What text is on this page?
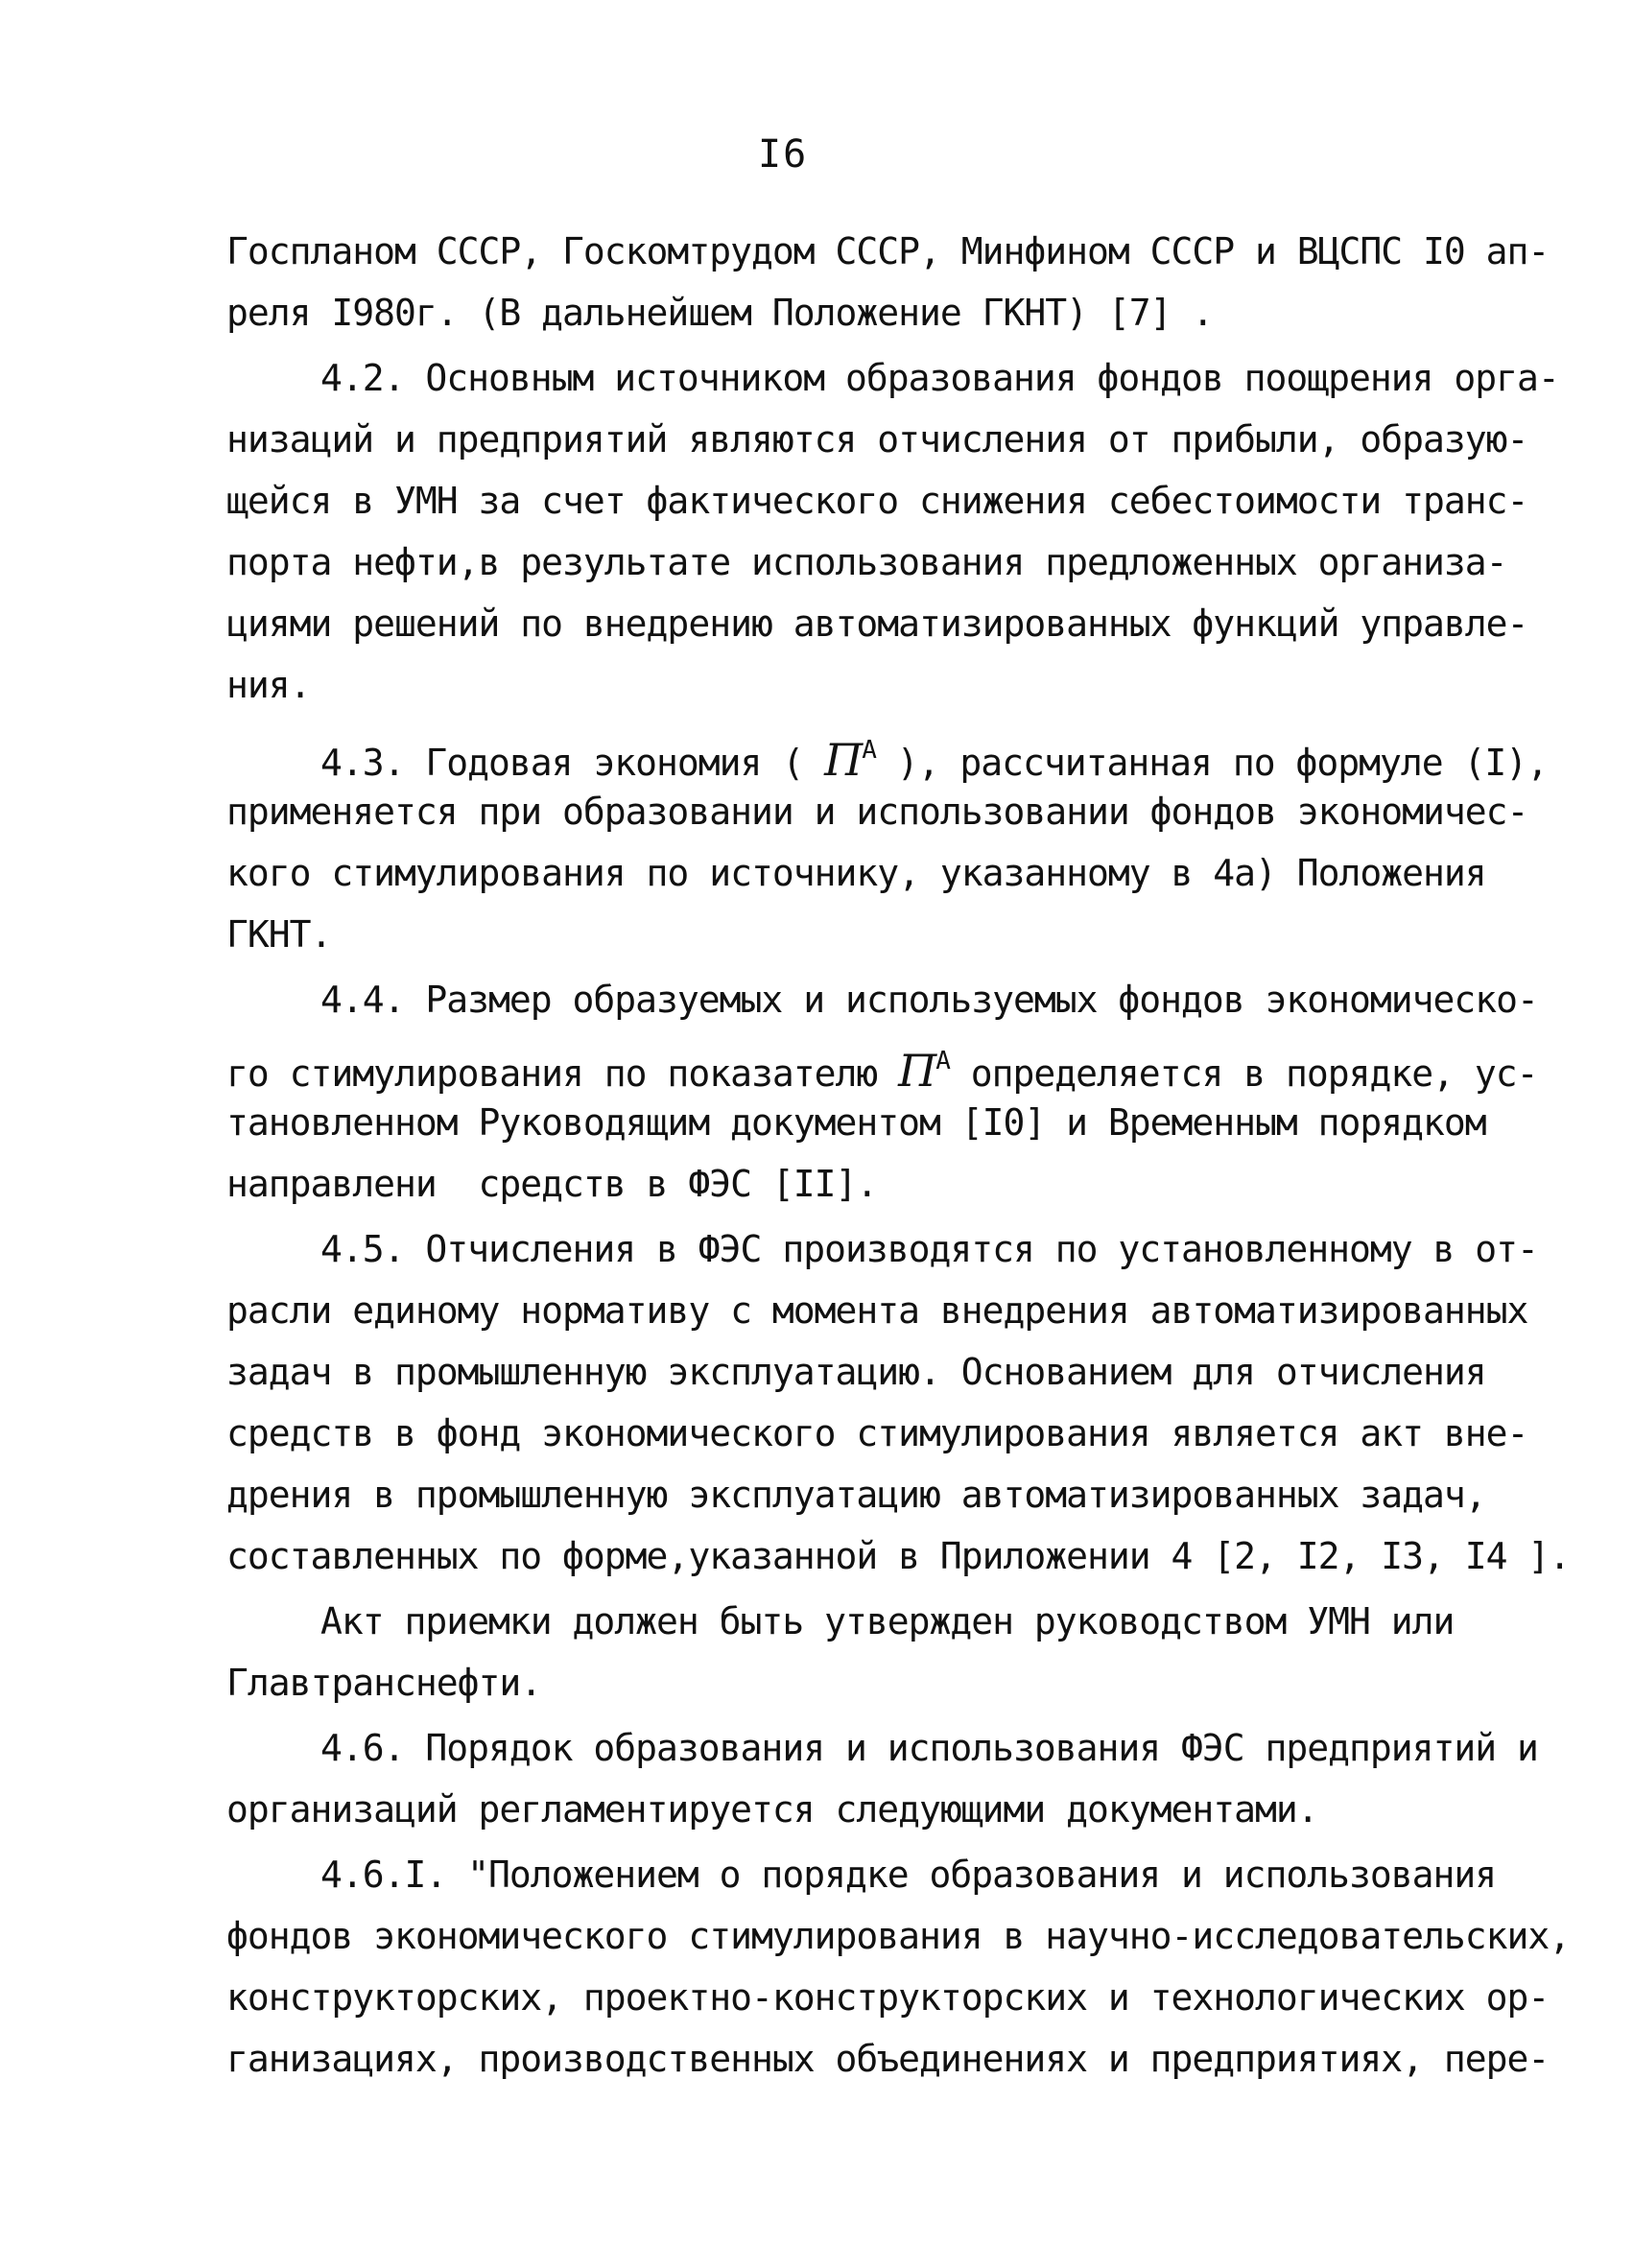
I6
Госпланом СССР, Госкомтрудом СССР, Минфином СССР и ВЦСПС I0 ап-
реля I980г. (В дальнейшем Положение ГКНТ) [7] .
4.2. Основным источником образования фондов поощрения орга-
низаций и предприятий являются отчисления от прибыли, образую-
щейся в УМН за счет фактического снижения себестоимости транс-
порта нефти,в результате использования предложенных организа-
циями решений по внедрению автоматизированных функций управле-
ния.
4.3. Годовая экономия ( $П^A$ ), рассчитанная по формуле (I),
применяется при образовании и использовании фондов экономичес-
кого стимулирования по источнику, указанному в 4а) Положения
ГКНТ.
4.4. Размер образуемых и используемых фондов экономическо-
го стимулирования по показателю $П^A$ определяется в порядке, ус-
тановленном Руководящим документом [I0] и Временным порядком
направлени  средств в ФЭС [II].
4.5. Отчисления в ФЭС производятся по установленному в от-
расли единому нормативу с момента внедрения автоматизированных
задач в промышленную эксплуатацию. Основанием для отчисления
средств в фонд экономического стимулирования является акт вне-
дрения в промышленную эксплуатацию автоматизированных задач,
составленных по форме,указанной в Приложении 4 [2, I2, I3, I4 ].
Акт приемки должен быть утвержден руководством УМН или
Главтранснефти.
4.6. Порядок образования и использования ФЭС предприятий и
организаций регламентируется следующими документами.
4.6.I. "Положением о порядке образования и использования
фондов экономического стимулирования в научно-исследовательских,
конструкторских, проектно-конструкторских и технологических ор-
ганизациях, производственных объединениях и предприятиях, пере-
